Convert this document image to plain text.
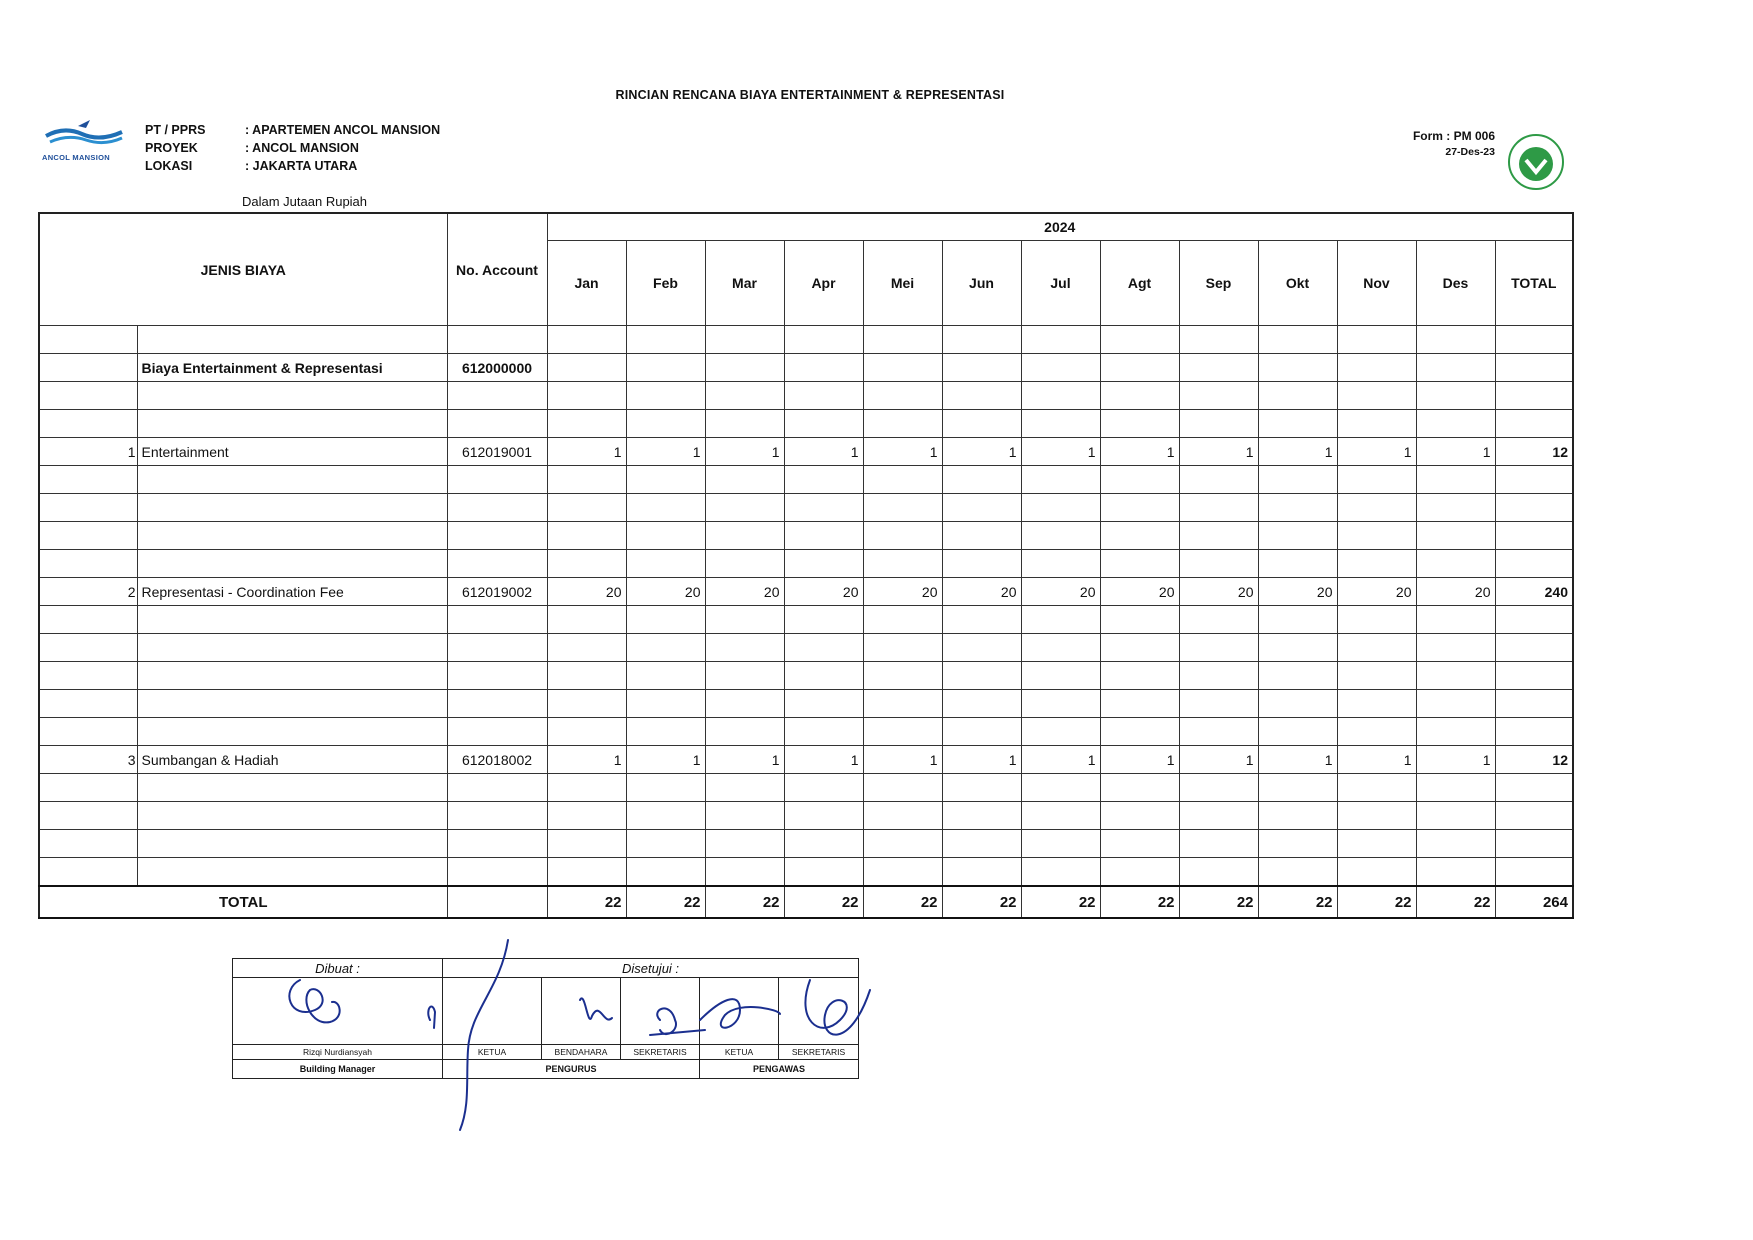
RINCIAN RENCANA BIAYA ENTERTAINMENT & REPRESENTASI
ANCOL MANSION
PT / PPRS	: APARTEMEN ANCOL MANSION
PROYEK	: ANCOL MANSION
LOKASI	: JAKARTA UTARA
Form : PM 006
27-Des-23
Dalam Jutaan Rupiah
JENIS BIAYA		No. Account	2024												
			Jan	Feb	Mar	Apr	Mei	Jun	Jul	Agt	Sep	Okt	Nov	Des	TOTAL

	Biaya Entertainment & Representasi	612000000													

1	Entertainment	612019001	1	1	1	1	1	1	1	1	1	1	1	1	12

2	Representasi - Coordination Fee	612019002	20	20	20	20	20	20	20	20	20	20	20	20	240

3	Sumbangan & Hadiah	612018002	1	1	1	1	1	1	1	1	1	1	1	1	12

TOTAL			22	22	22	22	22	22	22	22	22	22	22	22	264
Dibuat :	Disetujui :				

Rizqi Nurdiansyah	KETUA	BENDAHARA	SEKRETARIS	KETUA	SEKRETARIS
Building Manager	PENGURUS			PENGAWAS	
